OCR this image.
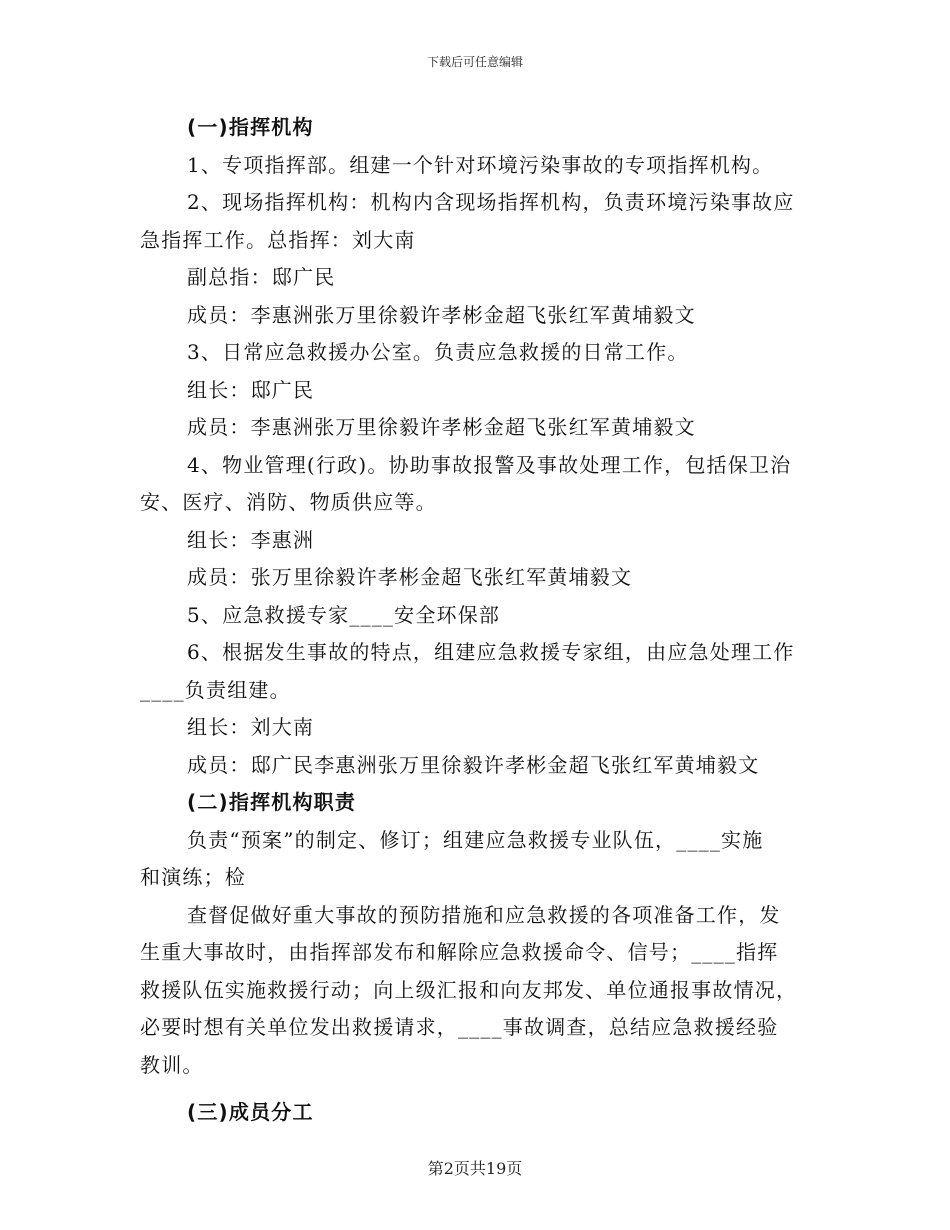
下载后可任意编辑
(一)指挥机构
1、专项指挥部。组建一个针对环境污染事故的专项指挥机构。
2、现场指挥机构：机构内含现场指挥机构，负责环境污染事故应
急指挥工作。总指挥：刘大南
副总指：邸广民
成员：李惠洲张万里徐毅许孝彬金超飞张红军黄埔毅文
3、日常应急救援办公室。负责应急救援的日常工作。
组长：邸广民
成员：李惠洲张万里徐毅许孝彬金超飞张红军黄埔毅文
4、物业管理(行政)。协助事故报警及事故处理工作，包括保卫治
安、医疗、消防、物质供应等。
组长：李惠洲
成员：张万里徐毅许孝彬金超飞张红军黄埔毅文
5、应急救援专家____安全环保部
6、根据发生事故的特点，组建应急救援专家组，由应急处理工作
____负责组建。
组长：刘大南
成员：邸广民李惠洲张万里徐毅许孝彬金超飞张红军黄埔毅文
(二)指挥机构职责
负责“预案”的制定、修订；组建应急救援专业队伍，____实施
和演练；检
查督促做好重大事故的预防措施和应急救援的各项准备工作，发
生重大事故时，由指挥部发布和解除应急救援命令、信号；____指挥
救援队伍实施救援行动；向上级汇报和向友邦发、单位通报事故情况，
必要时想有关单位发出救援请求，____事故调查，总结应急救援经验
教训。
(三)成员分工
第2页共19页
